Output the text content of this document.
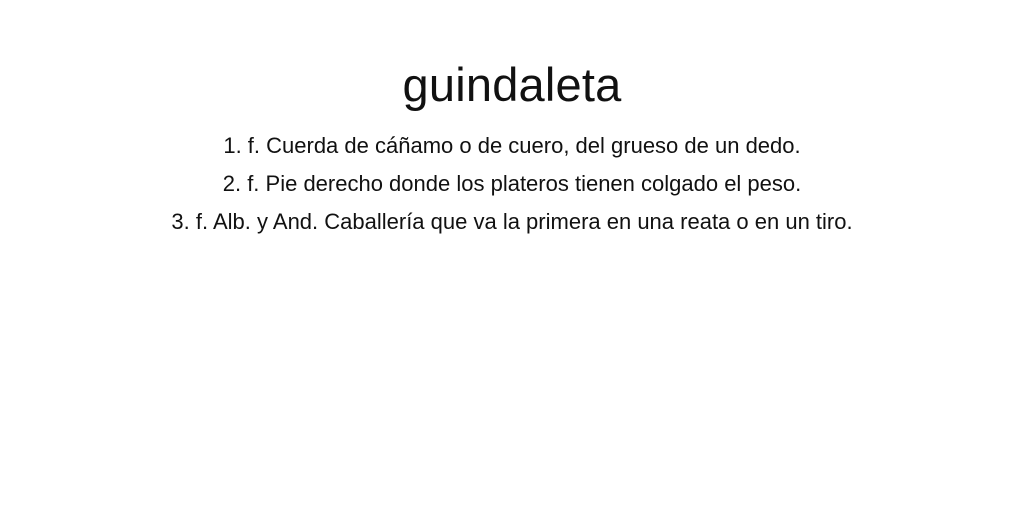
guindaleta
1. f. Cuerda de cáñamo o de cuero, del grueso de un dedo.
2. f. Pie derecho donde los plateros tienen colgado el peso.
3. f. Alb. y And. Caballería que va la primera en una reata o en un tiro.
